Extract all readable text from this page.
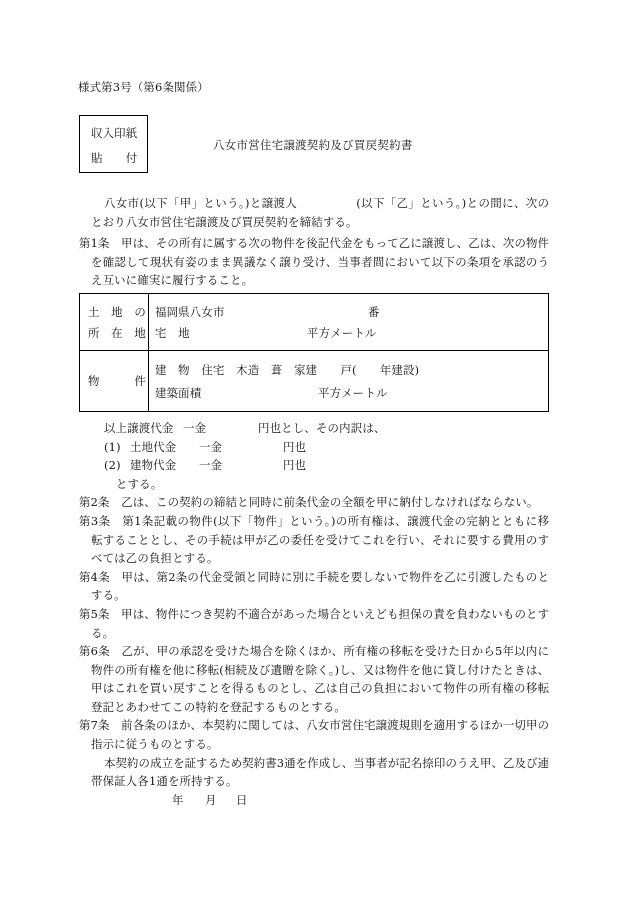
様式第3号（第6条関係）
収入印紙
貼　　付
八女市営住宅譲渡契約及び買戻契約書
八女市(以下「甲」という。)と譲渡人　　　　　(以下「乙」という。)との間に、次の
とおり八女市営住宅譲渡及び買戻契約を締結する。
第1条　甲は、その所有に属する次の物件を後記代金をもって乙に譲渡し、乙は、次の物件
を確認して現状有姿のまま異議なく譲り受け、当事者間において以下の条項を承認のう
え互いに確実に履行すること。
土　地　の
所　在　地
福岡県八女市	番
宅　地	平方メートル
物　　　件
建　物　住宅　木造　葺　家建　　戸(　　年建設)
建築面積	平方メートル
以上譲渡代金 一金	円也とし、その内訳は、
(1) 土地代金 一金	円也
(2) 建物代金 一金	円也
とする。
第2条　乙は、この契約の締結と同時に前条代金の全額を甲に納付しなければならない。
第3条　第1条記載の物件(以下「物件」という。)の所有権は、譲渡代金の完納とともに移
転することとし、その手続は甲が乙の委任を受けてこれを行い、それに要する費用のす
べては乙の負担とする。
第4条　甲は、第2条の代金受領と同時に別に手続を要しないで物件を乙に引渡したものと
する。
第5条　甲は、物件につき契約不適合があった場合といえども担保の責を負わないものとす
る。
第6条　乙が、甲の承認を受けた場合を除くほか、所有権の移転を受けた日から5年以内に
物件の所有権を他に移転(相続及び遺贈を除く。)し、又は物件を他に貸し付けたときは、
甲はこれを買い戻すことを得るものとし、乙は自己の負担において物件の所有権の移転
登記とあわせてこの特約を登記するものとする。
第7条　前各条のほか、本契約に関しては、八女市営住宅譲渡規則を適用するほか一切甲の
指示に従うものとする。
本契約の成立を証するため契約書3通を作成し、当事者が記名捺印のうえ甲、乙及び連
帯保証人各1通を所持する。
年 月 日
